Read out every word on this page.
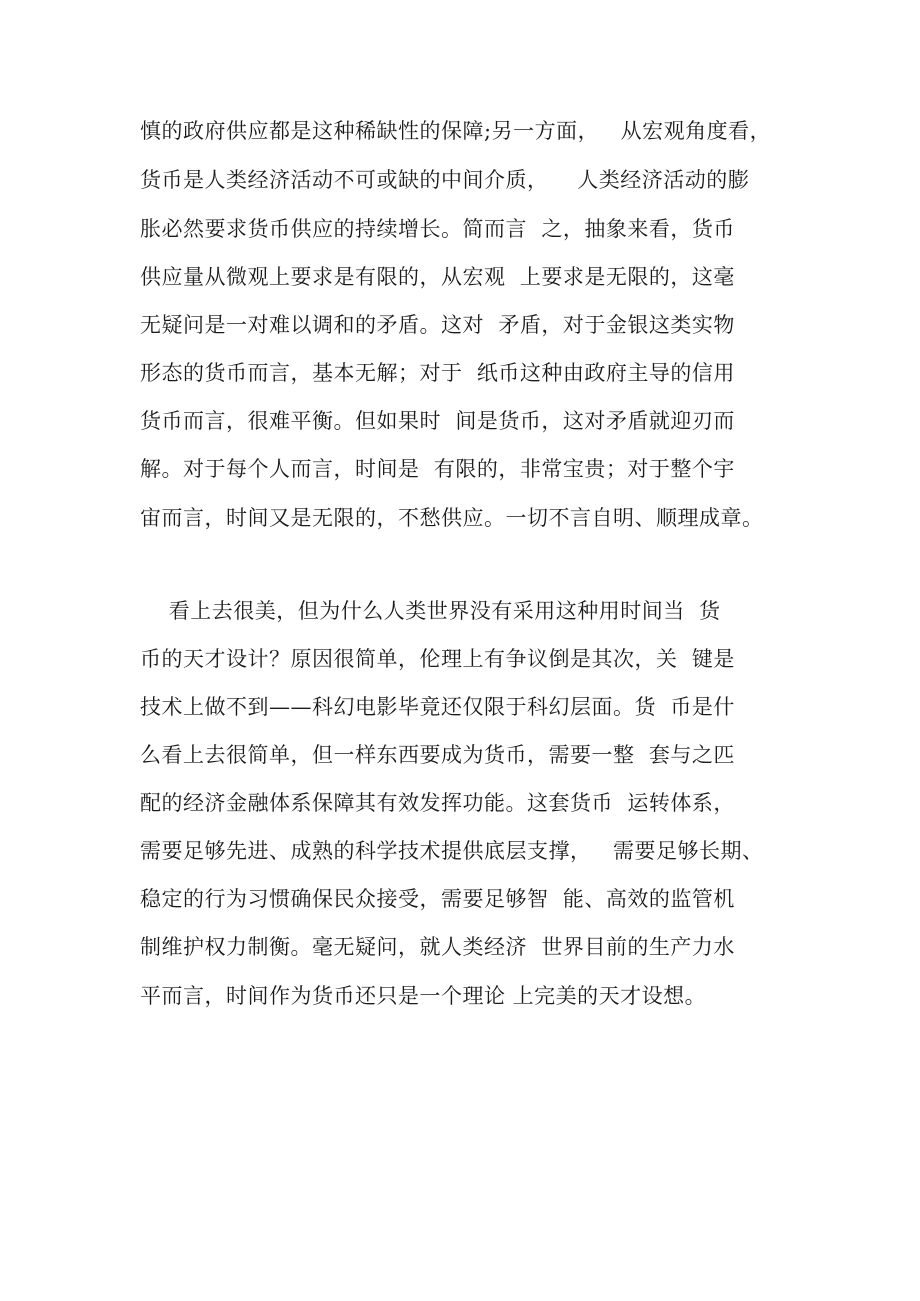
慎的政府供应都是这种稀缺性的保障;另一方面，   从宏观角度看，
货币是人类经济活动不可或缺的中间介质，    人类经济活动的膨
胀必然要求货币供应的持续增长。简而言  之，抽象来看，货币
供应量从微观上要求是有限的，从宏观  上要求是无限的，这毫
无疑问是一对难以调和的矛盾。这对  矛盾，对于金银这类实物
形态的货币而言，基本无解；对于  纸币这种由政府主导的信用
货币而言，很难平衡。但如果时  间是货币，这对矛盾就迎刃而
解。对于每个人而言，时间是  有限的，非常宝贵；对于整个宇
宙而言，时间又是无限的，不愁供应。一切不言自明、顺理成章。
看上去很美，但为什么人类世界没有采用这种用时间当  货
币的天才设计？原因很简单，伦理上有争议倒是其次，关  键是
技术上做不到——科幻电影毕竟还仅限于科幻层面。货  币是什
么看上去很简单，但一样东西要成为货币，需要一整  套与之匹
配的经济金融体系保障其有效发挥功能。这套货币  运转体系，
需要足够先进、成熟的科学技术提供底层支撑，   需要足够长期、
稳定的行为习惯确保民众接受，需要足够智  能、高效的监管机
制维护权力制衡。毫无疑问，就人类经济  世界目前的生产力水
平而言，时间作为货币还只是一个理论 上完美的天才设想。
